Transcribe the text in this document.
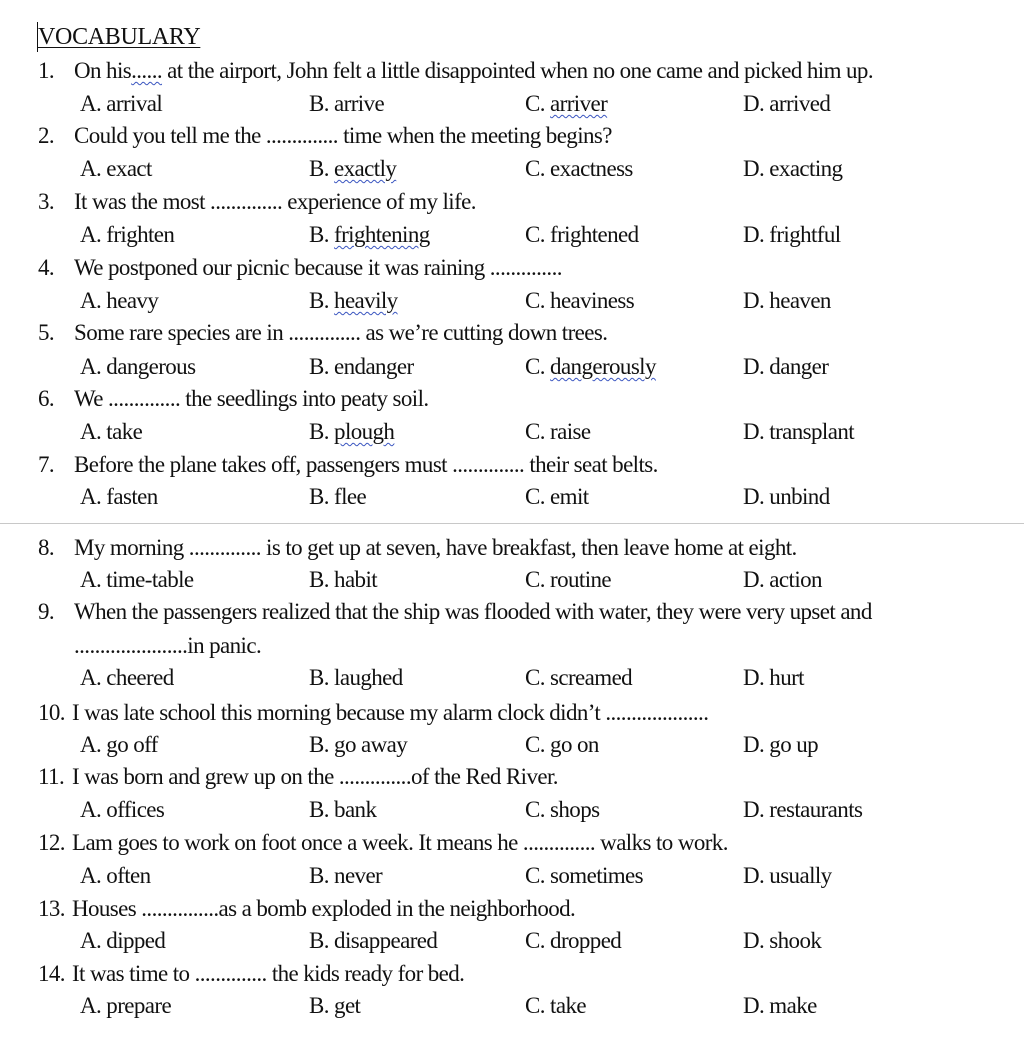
VOCABULARY
1. On his...... at the airport, John felt a little disappointed when no one came and picked him up.
A. arrival	B. arrive	C. arriver	D. arrived
2. Could you tell me the .............. time when the meeting begins?
A. exact	B. exactly	C. exactness	D. exacting
3. It was the most .............. experience of my life.
A. frighten	B. frightening	C. frightened	D. frightful
4. We postponed our picnic because it was raining ..............
A. heavy	B. heavily	C. heaviness	D. heaven
5. Some rare species are in .............. as we’re cutting down trees.
A. dangerous	B. endanger	C. dangerously	D. danger
6. We .............. the seedlings into peaty soil.
A. take	B. plough	C. raise	D. transplant
7. Before the plane takes off, passengers must .............. their seat belts.
A. fasten	B. flee	C. emit	D. unbind
8. My morning .............. is to get up at seven, have breakfast, then leave home at eight.
A. time-table	B. habit	C. routine	D. action
9. When the passengers realized that the ship was flooded with water, they were very upset and
......................in panic.
A. cheered	B. laughed	C. screamed	D. hurt
10. I was late school this morning because my alarm clock didn’t ....................
A. go off	B. go away	C. go on	D. go up
11. I was born and grew up on the ..............of the Red River.
A. offices	B. bank	C. shops	D. restaurants
12. Lam goes to work on foot once a week. It means he .............. walks to work.
A. often	B. never	C. sometimes	D. usually
13. Houses ...............as a bomb exploded in the neighborhood.
A. dipped	B. disappeared	C. dropped	D. shook
14. It was time to .............. the kids ready for bed.
A. prepare	B. get	C. take	D. make
